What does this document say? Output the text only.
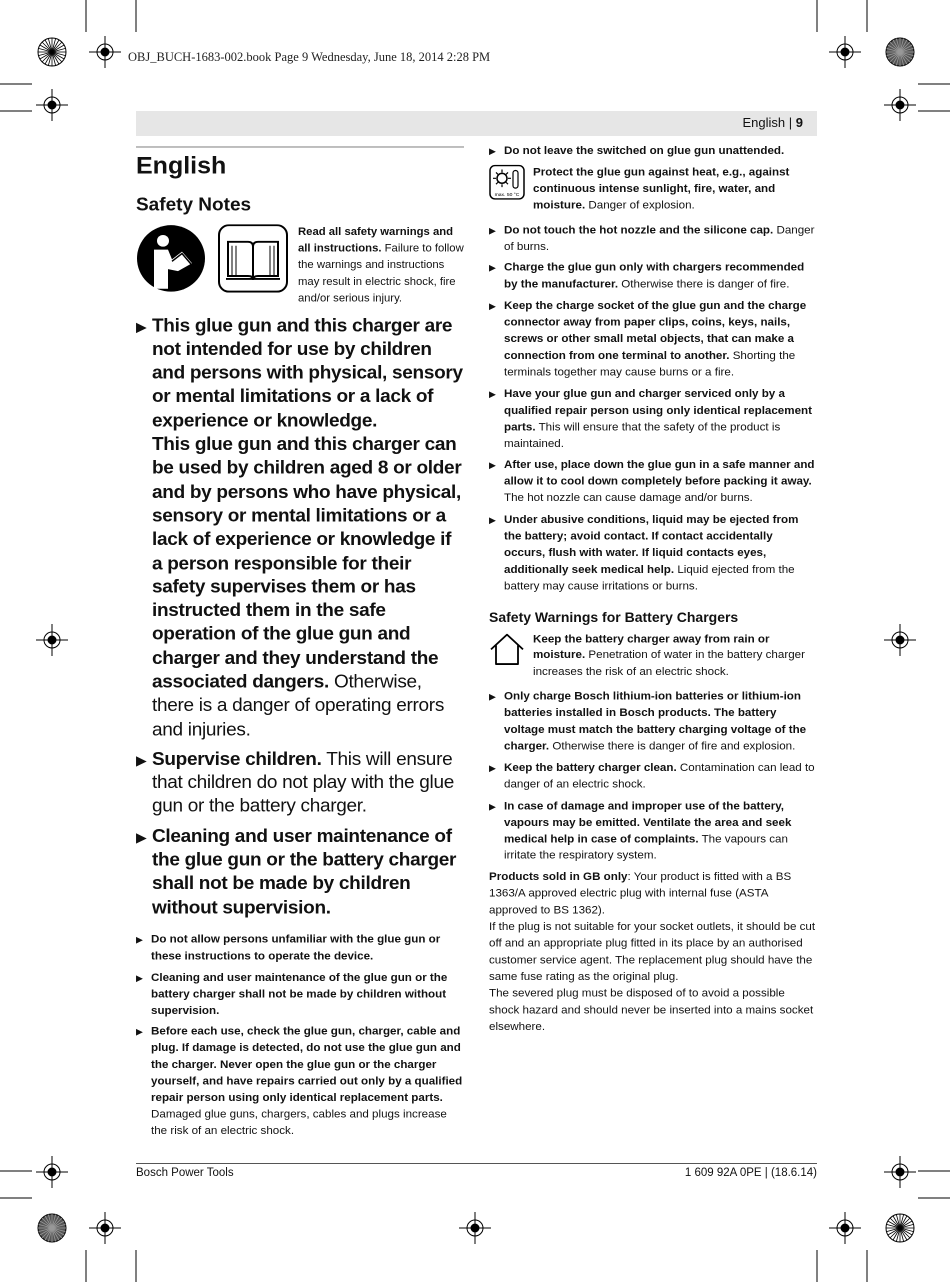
OBJ_BUCH-1683-002.book Page 9 Wednesday, June 18, 2014 2:28 PM
English | 9
English
Safety Notes
Read all safety warnings and all instructions. Failure to follow the warnings and instructions may result in electric shock, fire and/or serious injury.
▶ This glue gun and this charger are not intended for use by children and persons with physical, sensory or mental limitations or a lack of experience or knowledge.
This glue gun and this charger can be used by children aged 8 or older and by persons who have physical, sensory or mental limitations or a lack of experience or knowledge if a person responsible for their safety supervises them or has instructed them in the safe operation of the glue gun and charger and they understand the associated dangers. Otherwise, there is a danger of operating errors and injuries.
▶ Supervise children. This will ensure that children do not play with the glue gun or the battery charger.
▶ Cleaning and user maintenance of the glue gun or the battery charger shall not be made by children without supervision.
▶ Do not allow persons unfamiliar with the glue gun or these instructions to operate the device.
▶ Cleaning and user maintenance of the glue gun or the battery charger shall not be made by children without supervision.
▶ Before each use, check the glue gun, charger, cable and plug. If damage is detected, do not use the glue gun and the charger. Never open the glue gun or the charger yourself, and have repairs carried out only by a qualified repair person using only identical replacement parts. Damaged glue guns, chargers, cables and plugs increase the risk of an electric shock.
▶ Do not leave the switched on glue gun unattended.
max. 50 °C
Protect the glue gun against heat, e.g., against continuous intense sunlight, fire, water, and moisture. Danger of explosion.
▶ Do not touch the hot nozzle and the silicone cap. Danger of burns.
▶ Charge the glue gun only with chargers recommended by the manufacturer. Otherwise there is danger of fire.
▶ Keep the charge socket of the glue gun and the charge connector away from paper clips, coins, keys, nails, screws or other small metal objects, that can make a connection from one terminal to another. Shorting the terminals together may cause burns or a fire.
▶ Have your glue gun and charger serviced only by a qualified repair person using only identical replacement parts. This will ensure that the safety of the product is maintained.
▶ After use, place down the glue gun in a safe manner and allow it to cool down completely before packing it away. The hot nozzle can cause damage and/or burns.
▶ Under abusive conditions, liquid may be ejected from the battery; avoid contact. If contact accidentally occurs, flush with water. If liquid contacts eyes, additionally seek medical help. Liquid ejected from the battery may cause irritations or burns.
Safety Warnings for Battery Chargers
Keep the battery charger away from rain or moisture. Penetration of water in the battery charger increases the risk of an electric shock.
▶ Only charge Bosch lithium-ion batteries or lithium-ion batteries installed in Bosch products. The battery voltage must match the battery charging voltage of the charger. Otherwise there is danger of fire and explosion.
▶ Keep the battery charger clean. Contamination can lead to danger of an electric shock.
▶ In case of damage and improper use of the battery, vapours may be emitted. Ventilate the area and seek medical help in case of complaints. The vapours can irritate the respiratory system.

Products sold in GB only: Your product is fitted with a BS 1363/A approved electric plug with internal fuse (ASTA approved to BS 1362).

If the plug is not suitable for your socket outlets, it should be cut off and an appropriate plug fitted in its place by an authorised customer service agent. The replacement plug should have the same fuse rating as the original plug.

The severed plug must be disposed of to avoid a possible shock hazard and should never be inserted into a mains socket elsewhere.

Bosch Power Tools	1 609 92A 0PE | (18.6.14)
